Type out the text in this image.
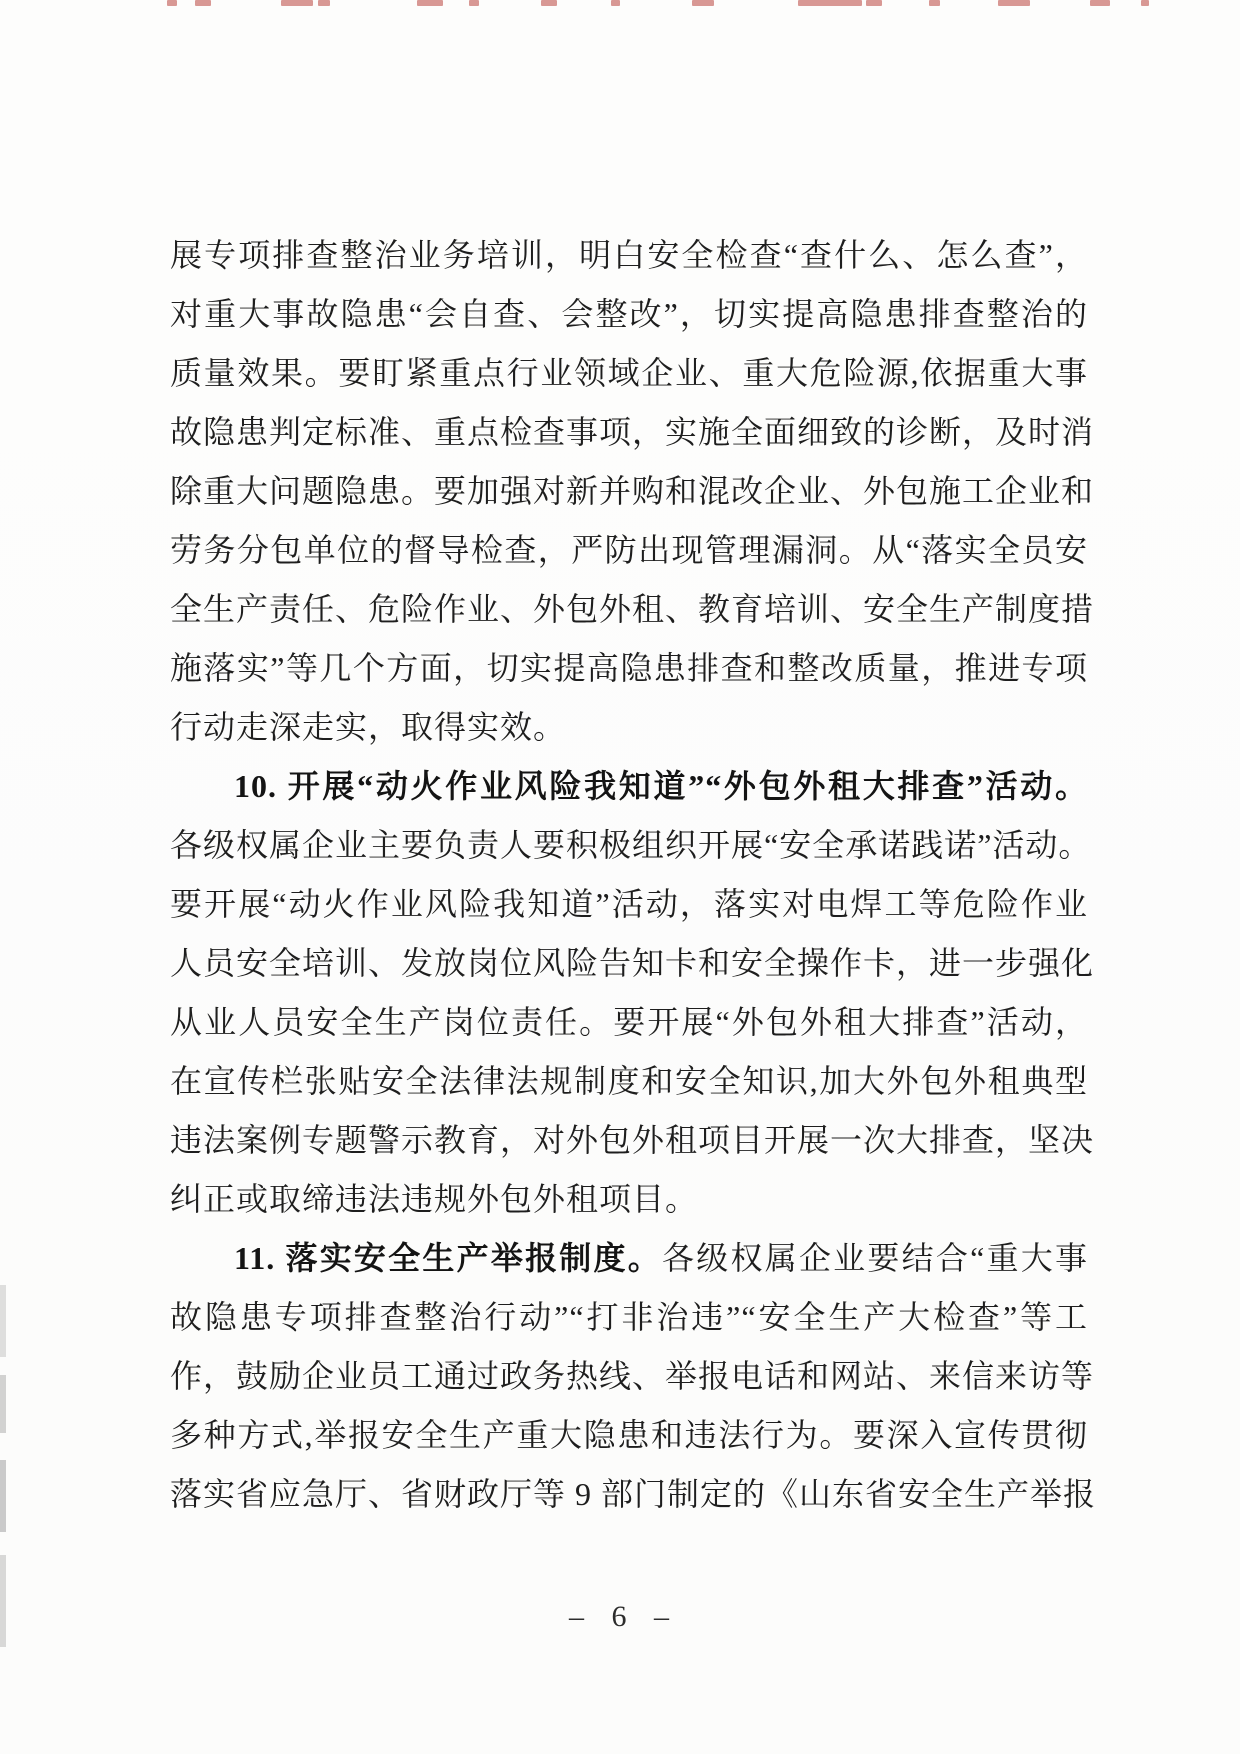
展专项排查整治业务培训，明白安全检查“查什么、怎么查”，
对重大事故隐患“会自查、会整改”，切实提高隐患排查整治的
质量效果。要盯紧重点行业领域企业、重大危险源,依据重大事
故隐患判定标准、重点检查事项，实施全面细致的诊断，及时消
除重大问题隐患。要加强对新并购和混改企业、外包施工企业和
劳务分包单位的督导检查，严防出现管理漏洞。从“落实全员安
全生产责任、危险作业、外包外租、教育培训、安全生产制度措
施落实”等几个方面，切实提高隐患排查和整改质量，推进专项
行动走深走实，取得实效。
10. 开展“动火作业风险我知道”“外包外租大排查”活动。
各级权属企业主要负责人要积极组织开展“安全承诺践诺”活动。
要开展“动火作业风险我知道”活动，落实对电焊工等危险作业
人员安全培训、发放岗位风险告知卡和安全操作卡，进一步强化
从业人员安全生产岗位责任。要开展“外包外租大排查”活动，
在宣传栏张贴安全法律法规制度和安全知识,加大外包外租典型
违法案例专题警示教育，对外包外租项目开展一次大排查，坚决
纠正或取缔违法违规外包外租项目。
11. 落实安全生产举报制度。各级权属企业要结合“重大事
故隐患专项排查整治行动”“打非治违”“安全生产大检查”等工
作，鼓励企业员工通过政务热线、举报电话和网站、来信来访等
多种方式,举报安全生产重大隐患和违法行为。要深入宣传贯彻
落实省应急厅、省财政厅等 9 部门制定的《山东省安全生产举报
– 6 –
